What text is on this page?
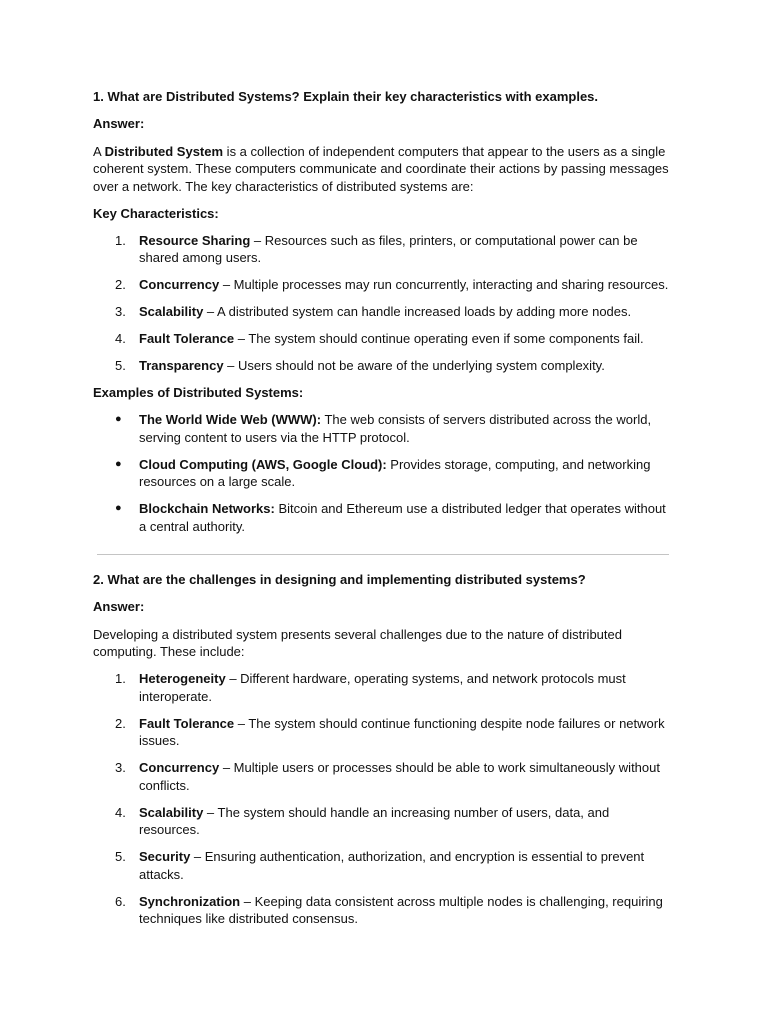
1. What are Distributed Systems? Explain their key characteristics with examples.

Answer:

A Distributed System is a collection of independent computers that appear to the users as a single coherent system. These computers communicate and coordinate their actions by passing messages over a network. The key characteristics of distributed systems are:

Key Characteristics:

1. Resource Sharing – Resources such as files, printers, or computational power can be shared among users.
2. Concurrency – Multiple processes may run concurrently, interacting and sharing resources.
3. Scalability – A distributed system can handle increased loads by adding more nodes.
4. Fault Tolerance – The system should continue operating even if some components fail.
5. Transparency – Users should not be aware of the underlying system complexity.

Examples of Distributed Systems:

● The World Wide Web (WWW): The web consists of servers distributed across the world, serving content to users via the HTTP protocol.
● Cloud Computing (AWS, Google Cloud): Provides storage, computing, and networking resources on a large scale.
● Blockchain Networks: Bitcoin and Ethereum use a distributed ledger that operates without a central authority.

2. What are the challenges in designing and implementing distributed systems?

Answer:

Developing a distributed system presents several challenges due to the nature of distributed computing. These include:

1. Heterogeneity – Different hardware, operating systems, and network protocols must interoperate.
2. Fault Tolerance – The system should continue functioning despite node failures or network issues.
3. Concurrency – Multiple users or processes should be able to work simultaneously without conflicts.
4. Scalability – The system should handle an increasing number of users, data, and resources.
5. Security – Ensuring authentication, authorization, and encryption is essential to prevent attacks.
6. Synchronization – Keeping data consistent across multiple nodes is challenging, requiring techniques like distributed consensus.
